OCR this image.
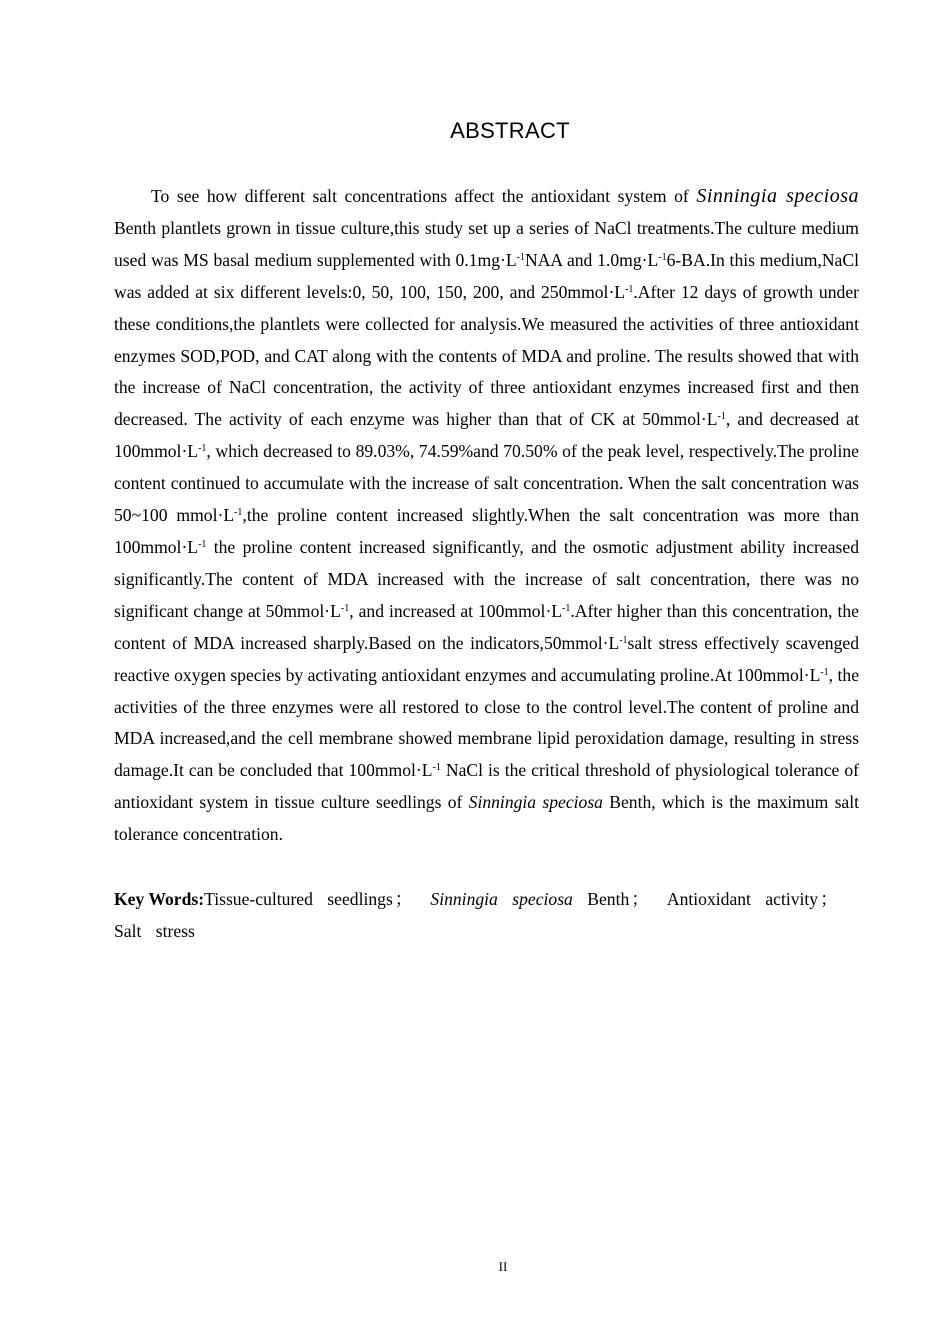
ABSTRACT

To see how different salt concentrations affect the antioxidant system of Sinningia speciosa Benth plantlets grown in tissue culture,this study set up a series of NaCl treatments.The culture medium used was MS basal medium supplemented with $0.1mg\cdot L^{-1}NAA$ and $1.0mg\cdot L^{-1}6-BA.In$ this medium,NaCl was added at six different levels:0, 50, 100, 150, 200, and $250mmol\cdot L^{-1}.After$ 12 days of growth under these conditions,the plantlets were collected for analysis.We measured the activities of three antioxidant enzymes SOD,POD, and CAT along with the contents of MDA and proline. The results showed that with the increase of NaCl concentration, the activity of three antioxidant enzymes increased first and then decreased. The activity of each enzyme was higher than that of CK at $50mmol\cdot L^{-1}$, and decreased at $100mmol\cdot L^{-1}$, which decreased to 89.03%, 74.59%and 70.50% of the peak level, respectively.The proline content continued to accumulate with the increase of salt concentration. When the salt concentration was 50~100 $mmol\cdot L^{-1},the$ proline content increased slightly.When the salt concentration was more than $100mmol\cdot L^{-1}$ the proline content increased significantly, and the osmotic adjustment ability increased significantly.The content of MDA increased with the increase of salt concentration, there was no significant change at $50mmol\cdot L^{-1}$, and increased at $100mmol\cdot L^{-1}.After$ higher than this concentration, the content of MDA increased sharply.Based on the $indicators,50mmol\cdot L^{-1}salt$ stress effectively scavenged reactive oxygen species by activating antioxidant enzymes and accumulating proline.At $100mmol\cdot L^{-1}$, the activities of the three enzymes were all restored to close to the control level.The content of proline and MDA increased,and the cell membrane showed membrane lipid peroxidation damage, resulting in stress damage.It can be concluded that $100mmol\cdot L^{-1}$ NaCl is the critical threshold of physiological tolerance of antioxidant system in tissue culture seedlings of Sinningia speciosa Benth, which is the maximum salt tolerance concentration.

Key Words:Tissue-cultured seedlings ； Sinningia speciosa Benth ； Antioxidant activity ；Salt stress

II
